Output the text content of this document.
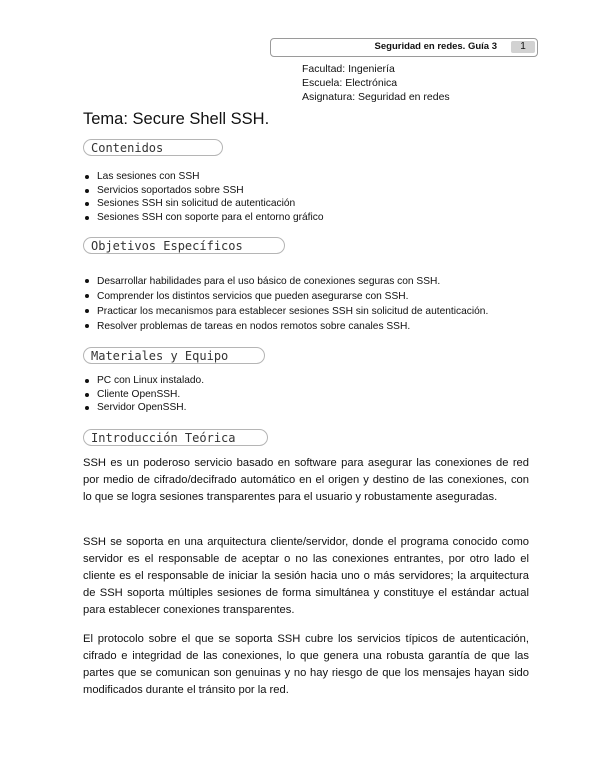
Seguridad en redes. Guía 3	1
Facultad: Ingeniería
Escuela: Electrónica
Asignatura: Seguridad en redes
Tema: Secure Shell SSH.
Contenidos
Las sesiones con SSH
Servicios soportados sobre SSH
Sesiones SSH sin solicitud de autenticación
Sesiones SSH con soporte para el entorno gráfico
Objetivos Específicos
Desarrollar habilidades para el uso básico de conexiones seguras con SSH.
Comprender los distintos servicios que pueden asegurarse con SSH.
Practicar los mecanismos para establecer sesiones SSH sin solicitud de autenticación.
Resolver problemas de tareas en nodos remotos sobre canales SSH.
Materiales y Equipo
PC con Linux instalado.
Cliente OpenSSH.
Servidor OpenSSH.
Introducción Teórica

SSH es un poderoso servicio basado en software para asegurar las conexiones de red por medio de cifrado/decifrado automático en el origen y destino de las conexiones, con lo que se logra sesiones transparentes para el usuario y robustamente aseguradas.

SSH se soporta en una arquitectura cliente/servidor, donde el programa conocido como servidor es el responsable de aceptar o no las conexiones entrantes, por otro lado el cliente es el responsable de iniciar la sesión hacia uno o más servidores; la arquitectura de SSH soporta múltiples sesiones de forma simultánea y constituye el estándar actual para establecer conexiones transparentes.

El protocolo sobre el que se soporta SSH cubre los servicios típicos de autenticación, cifrado e integridad de las conexiones, lo que genera una robusta garantía de que las partes que se comunican son genuinas y no hay riesgo de que los mensajes hayan sido modificados durante el tránsito por la red.
